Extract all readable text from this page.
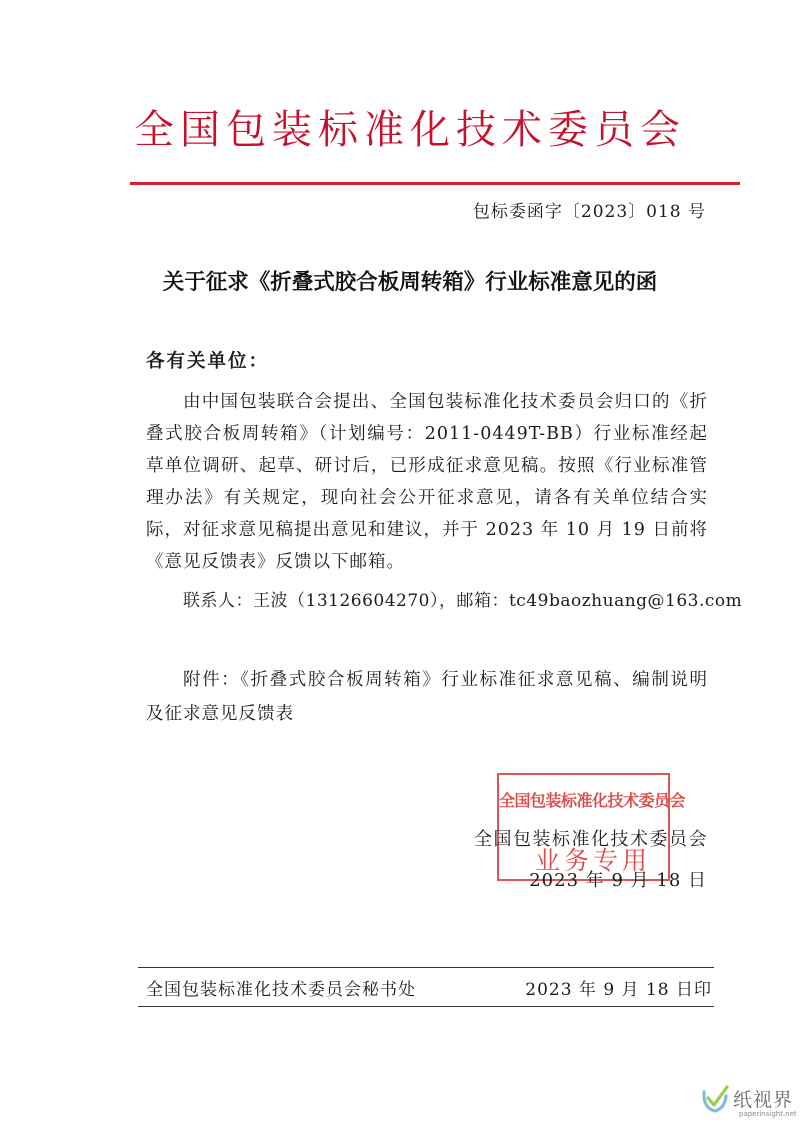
全国包装标准化技术委员会
包标委函字〔2023〕018 号
关于征求《折叠式胶合板周转箱》行业标准意见的函
各有关单位：
由中国包装联合会提出、全国包装标准化技术委员会归口的《折叠式胶合板周转箱》（计划编号：2011-0449T-BB）行业标准经起草单位调研、起草、研讨后，已形成征求意见稿。按照《行业标准管理办法》有关规定，现向社会公开征求意见，请各有关单位结合实际，对征求意见稿提出意见和建议，并于 2023 年 10 月 19 日前将《意见反馈表》反馈以下邮箱。
联系人：王波（13126604270），邮箱：tc49baozhuang@163.com
附件：《折叠式胶合板周转箱》行业标准征求意见稿、编制说明及征求意见反馈表
全国包装标准化技术委员会
业务专用
全国包装标准化技术委员会
2023 年 9 月 18 日
全国包装标准化技术委员会秘书处	2023 年 9 月 18 日印
纸视界
paperinsight.net
